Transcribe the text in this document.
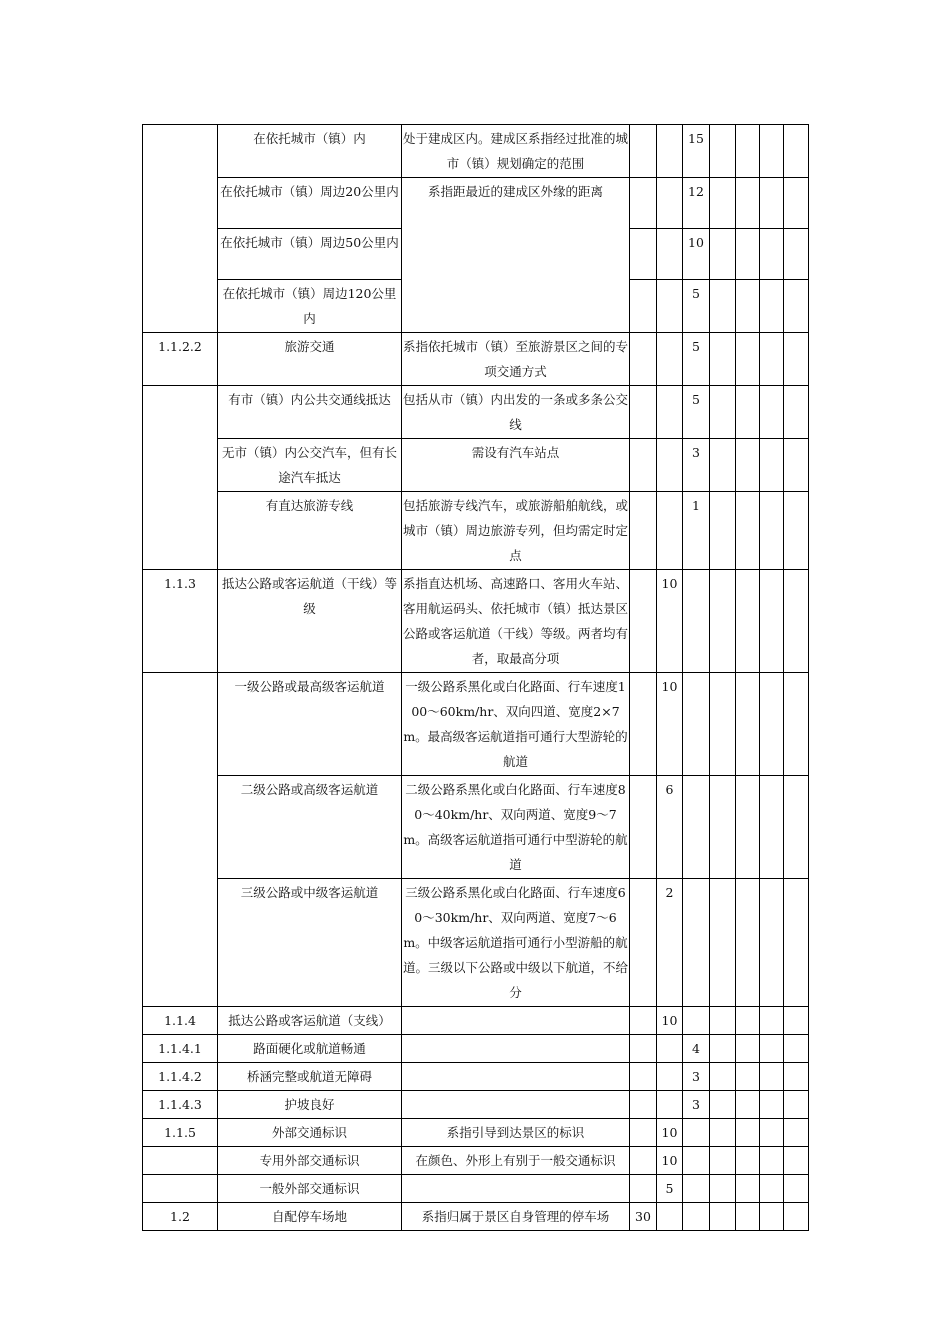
	在依托城市（镇）内	处于建成区内。建成区系指经过批准的城市（镇）规划确定的范围			15				
	在依托城市（镇）周边20公里内	系指距最近的建成区外缘的距离			12				
	在依托城市（镇）周边50公里内				10				
	在依托城市（镇）周边120公里内				5				
1.1.2.2	旅游交通	系指依托城市（镇）至旅游景区之间的专项交通方式			5				
	有市（镇）内公共交通线抵达	包括从市（镇）内出发的一条或多条公交线			5				
	无市（镇）内公交汽车，但有长途汽车抵达	需设有汽车站点			3				
	有直达旅游专线	包括旅游专线汽车，或旅游船舶航线，或城市（镇）周边旅游专列，但均需定时定点			1				
1.1.3	抵达公路或客运航道（干线）等级	系指直达机场、高速路口、客用火车站、客用航运码头、依托城市（镇）抵达景区公路或客运航道（干线）等级。两者均有者，取最高分项		10					
	一级公路或最高级客运航道	一级公路系黑化或白化路面、行车速度100～60km/hr、双向四道、宽度2×7m。最高级客运航道指可通行大型游轮的航道		10					
	二级公路或高级客运航道	二级公路系黑化或白化路面、行车速度80～40km/hr、双向两道、宽度9～7m。高级客运航道指可通行中型游轮的航道		6					
	三级公路或中级客运航道	三级公路系黑化或白化路面、行车速度60～30km/hr、双向两道、宽度7～6m。中级客运航道指可通行小型游船的航道。三级以下公路或中级以下航道，不给分		2					
1.1.4	抵达公路或客运航道（支线）			10					
1.1.4.1	路面硬化或航道畅通				4				
1.1.4.2	桥涵完整或航道无障碍				3				
1.1.4.3	护坡良好				3				
1.1.5	外部交通标识	系指引导到达景区的标识		10					
	专用外部交通标识	在颜色、外形上有别于一般交通标识		10					
	一般外部交通标识			5					
1.2	自配停车场地	系指归属于景区自身管理的停车场	30						
